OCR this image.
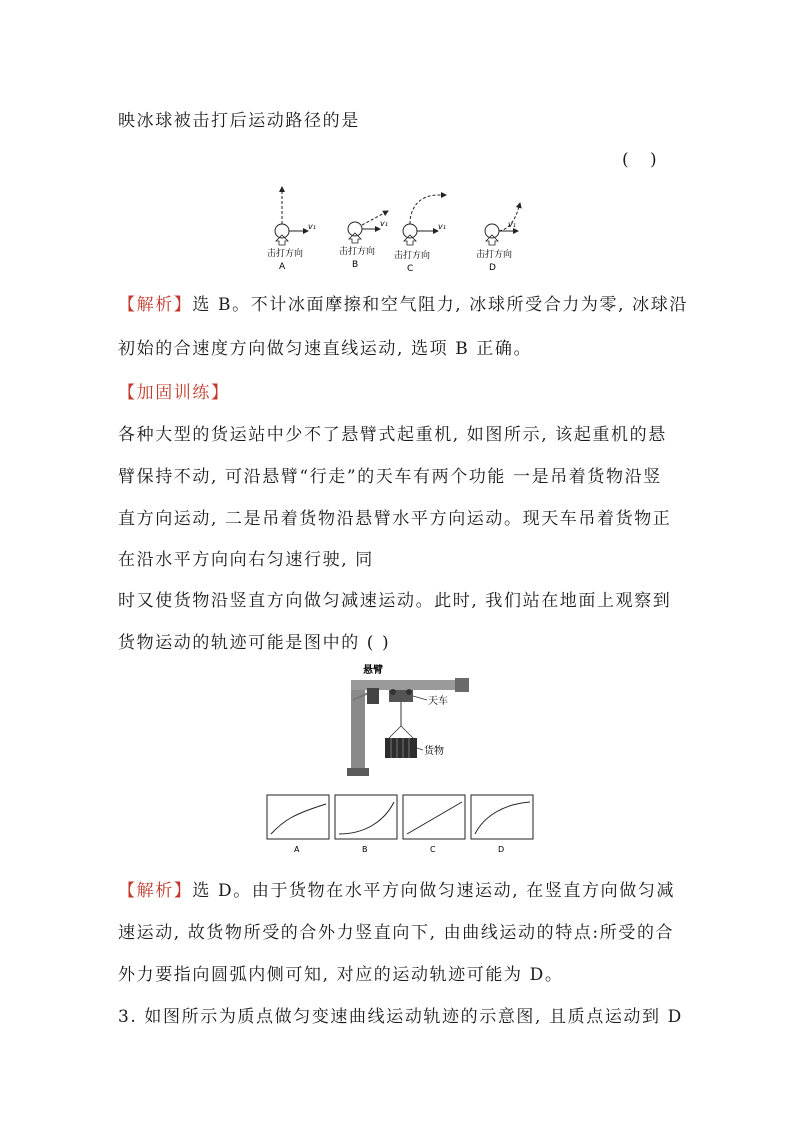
映冰球被击打后运动路径的是
( )
v₁	v₁	v₁	v₁
击打方向	击打方向 击打方向	击打方向
A	B	C	D
【解析】选 B。不计冰面摩擦和空气阻力, 冰球所受合力为零, 冰球沿
初始的合速度方向做匀速直线运动, 选项 B 正确。
【加固训练】
各种大型的货运站中少不了悬臂式起重机, 如图所示, 该起重机的悬
臂保持不动, 可沿悬臂“行走”的天车有两个功能 一是吊着货物沿竖
直方向运动, 二是吊着货物沿悬臂水平方向运动。现天车吊着货物正
在沿水平方向向右匀速行驶, 同
时又使货物沿竖直方向做匀减速运动。此时, 我们站在地面上观察到
货物运动的轨迹可能是图中的 ( )
悬臂
天车
货物
A	B	C	D
【解析】选 D。由于货物在水平方向做匀速运动, 在竖直方向做匀减
速运动, 故货物所受的合外力竖直向下, 由曲线运动的特点:所受的合
外力要指向圆弧内侧可知, 对应的运动轨迹可能为 D。
3. 如图所示为质点做匀变速曲线运动轨迹的示意图, 且质点运动到 D
